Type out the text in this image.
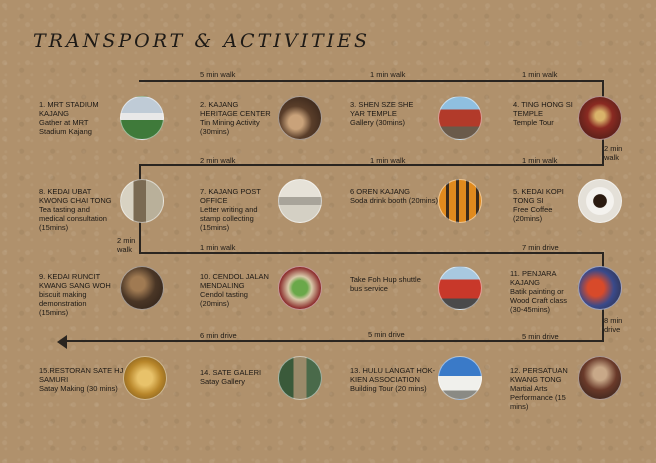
TRANSPORT & ACTIVITIES
5 min walk	1 min walk	1 min walk
2 min walk	1 min walk	1 min walk
2 min walk
2 min walk	1 min walk	7 min drive
8 min drive
6 min drive	5 min drive	5 min drive
1. MRT STADIUM KAJANG
Gather at MRT Stadium Kajang
2. KAJANG HERITAGE CENTER
Tin Mining Activity (30mins)
3. SHEN SZE SHE YAR TEMPLE
Gallery (30mins)
4. TING HONG SI TEMPLE
Temple Tour
8. KEDAI UBAT KWONG CHAI TONG
Tea tasting and medical consultation (15mins)
7. KAJANG POST OFFICE
Letter writing and stamp collecting (15mins)
6 OREN KAJANG
Soda drink booth (20mins)
5. KEDAI KOPI TONG SI
Free Coffee (20mins)
9. KEDAI RUNCIT KWANG SANG WOH
biscuit making demonstration (15mins)
10. CENDOL JALAN MENDALING
Cendol tasting (20mins)
Take Foh Hup shuttle bus service
11. PENJARA KAJANG
Batik painting or Wood Craft class (30-45mins)
15.RESTORAN SATE HJ SAMURI
Satay Making (30 mins)
14. SATE GALERI
Satay Gallery
13. HULU LANGAT HOK-KIEN ASSOCIATION
Building Tour (20 mins)
12. PERSATUAN KWANG TONG
Martial Arts Performance (15 mins)
